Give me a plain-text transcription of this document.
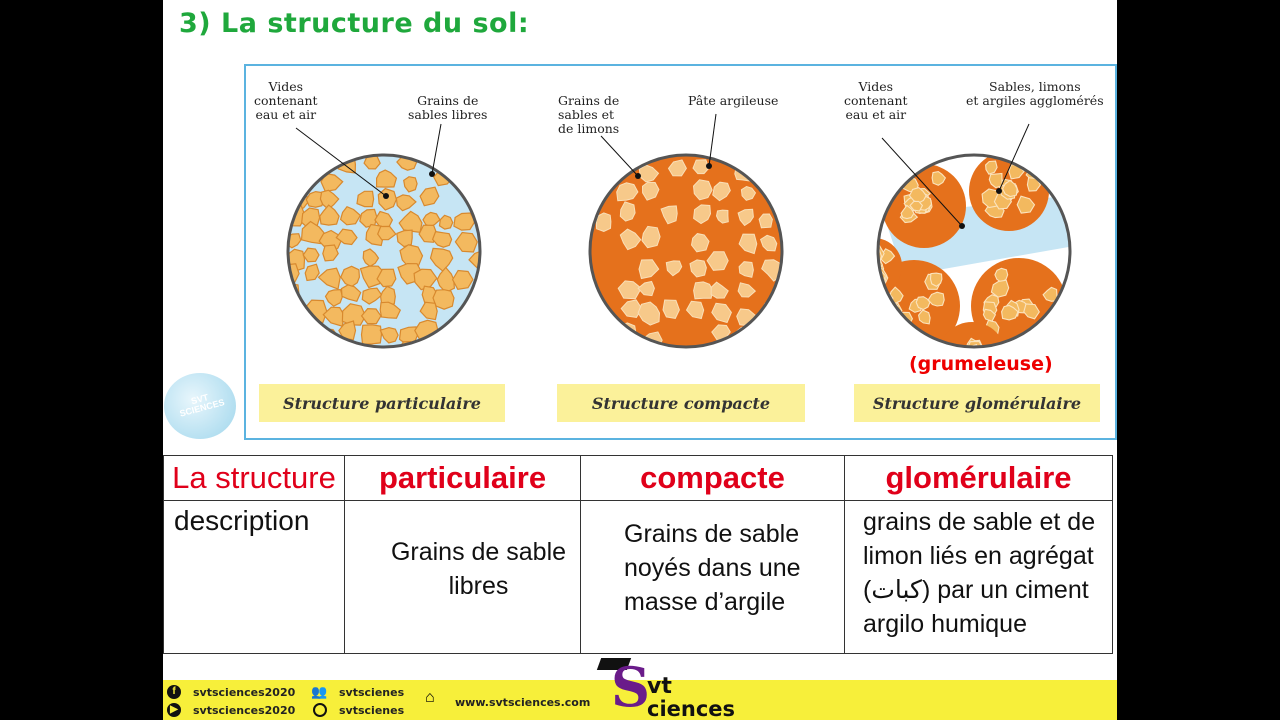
3) La structure du sol:
Vides
contenant
eau et air
Grains de
sables libres
Structure particulaire
Grains de
sables et
de limons
Pâte argileuse
Structure compacte
Vides
contenant
eau et air
Sables, limons
et argiles agglomérés
Structure glomérulaire
(grumeleuse)
SVT
SCIENCES
La structure	particulaire	compacte	glomérulaire
description	Grains de sable
libres	Grains de sable
noyés dans une
masse d’argile	grains de sable et de
limon liés en agrégat
(كبات) par un ciment
argilo humique
f	svtsciences2020
▶ svtsciences2020
👥 svtscienes
svtscienes
⌂ www.svtsciences.com S
vt
ciences
